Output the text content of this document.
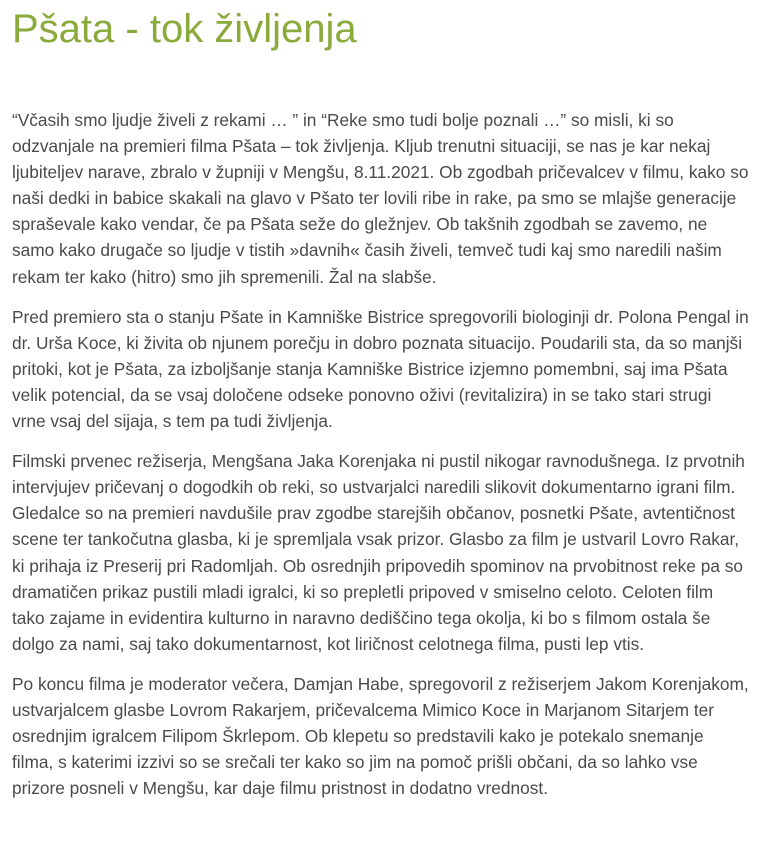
Pšata - tok življenja

“Včasih smo ljudje živeli z rekami … ” in “Reke smo tudi bolje poznali …” so misli, ki so odzvanjale na premieri filma Pšata – tok življenja. Kljub trenutni situaciji, se nas je kar nekaj ljubiteljev narave, zbralo v župniji v Mengšu, 8.11.2021. Ob zgodbah pričevalcev v filmu, kako so naši dedki in babice skakali na glavo v Pšato ter lovili ribe in rake, pa smo se mlajše generacije spraševale kako vendar, če pa Pšata seže do gležnjev. Ob takšnih zgodbah se zavemo, ne samo kako drugače so ljudje v tistih »davnih« časih živeli, temveč tudi kaj smo naredili našim rekam ter kako (hitro) smo jih spremenili. Žal na slabše.

Pred premiero sta o stanju Pšate in Kamniške Bistrice spregovorili biologinji dr. Polona Pengal in dr. Urša Koce, ki živita ob njunem porečju in dobro poznata situacijo. Poudarili sta, da so manjši pritoki, kot je Pšata, za izboljšanje stanja Kamniške Bistrice izjemno pomembni, saj ima Pšata velik potencial, da se vsaj določene odseke ponovno oživi (revitalizira) in se tako stari strugi vrne vsaj del sijaja, s tem pa tudi življenja.

Filmski prvenec režiserja, Mengšana Jaka Korenjaka ni pustil nikogar ravnodušnega. Iz prvotnih intervjujev pričevanj o dogodkih ob reki, so ustvarjalci naredili slikovit dokumentarno igrani film. Gledalce so na premieri navdušile prav zgodbe starejših občanov, posnetki Pšate, avtentičnost scene ter tankočutna glasba, ki je spremljala vsak prizor. Glasbo za film je ustvaril Lovro Rakar, ki prihaja iz Preserij pri Radomljah. Ob osrednjih pripovedih spominov na prvobitnost reke pa so dramatičen prikaz pustili mladi igralci, ki so prepletli pripoved v smiselno celoto. Celoten film tako zajame in evidentira kulturno in naravno dediščino tega okolja, ki bo s filmom ostala še dolgo za nami, saj tako dokumentarnost, kot liričnost celotnega filma, pusti lep vtis.

Po koncu filma je moderator večera, Damjan Habe, spregovoril z režiserjem Jakom Korenjakom, ustvarjalcem glasbe Lovrom Rakarjem, pričevalcema Mimico Koce in Marjanom Sitarjem ter osrednjim igralcem Filipom Škrlepom. Ob klepetu so predstavili kako je potekalo snemanje filma, s katerimi izzivi so se srečali ter kako so jim na pomoč prišli občani, da so lahko vse prizore posneli v Mengšu, kar daje filmu pristnost in dodatno vrednost.
